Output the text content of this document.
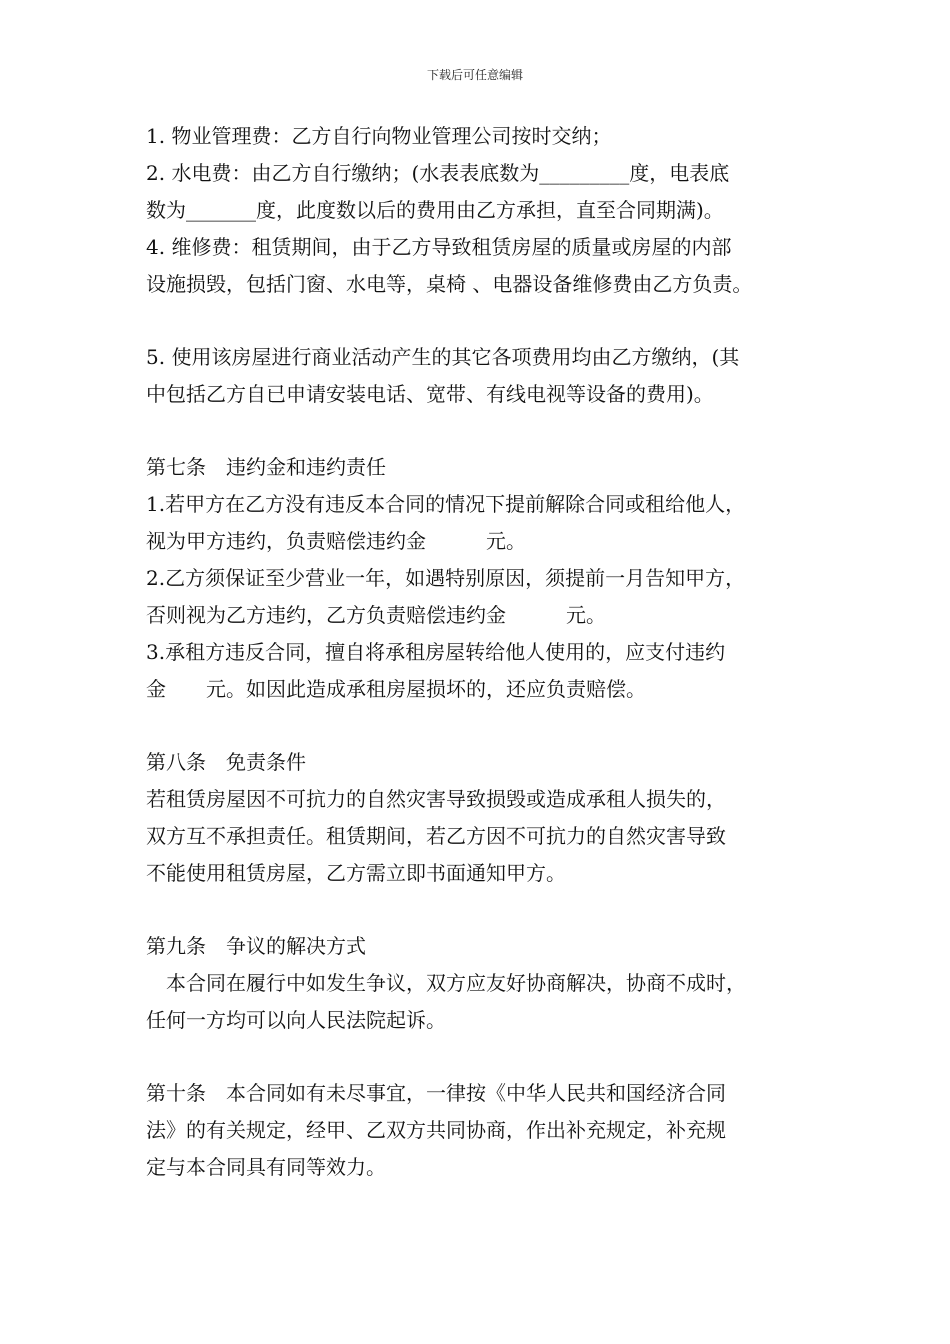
下载后可任意编辑
1. 物业管理费：乙方自行向物业管理公司按时交纳；
2. 水电费：由乙方自行缴纳；(水表表底数为_________度，电表底
数为_______度，此度数以后的费用由乙方承担，直至合同期满)。
4. 维修费：租赁期间，由于乙方导致租赁房屋的质量或房屋的内部
设施损毁，包括门窗、水电等，桌椅 、电器设备维修费由乙方负责。
5. 使用该房屋进行商业活动产生的其它各项费用均由乙方缴纳，(其
中包括乙方自已申请安装电话、宽带、有线电视等设备的费用)。
第七条　违约金和违约责任
1.若甲方在乙方没有违反本合同的情况下提前解除合同或租给他人，
视为甲方违约，负责赔偿违约金　　　元。
2.乙方须保证至少营业一年，如遇特别原因，须提前一月告知甲方，
否则视为乙方违约，乙方负责赔偿违约金　　　元。
3.承租方违反合同，擅自将承租房屋转给他人使用的，应支付违约
金　　元。如因此造成承租房屋损坏的，还应负责赔偿。
第八条　免责条件
若租赁房屋因不可抗力的自然灾害导致损毁或造成承租人损失的，
双方互不承担责任。租赁期间，若乙方因不可抗力的自然灾害导致
不能使用租赁房屋，乙方需立即书面通知甲方。
第九条　争议的解决方式
　本合同在履行中如发生争议，双方应友好协商解决，协商不成时，
任何一方均可以向人民法院起诉。
第十条　本合同如有未尽事宜，一律按《中华人民共和国经济合同
法》的有关规定，经甲、乙双方共同协商，作出补充规定，补充规
定与本合同具有同等效力。
